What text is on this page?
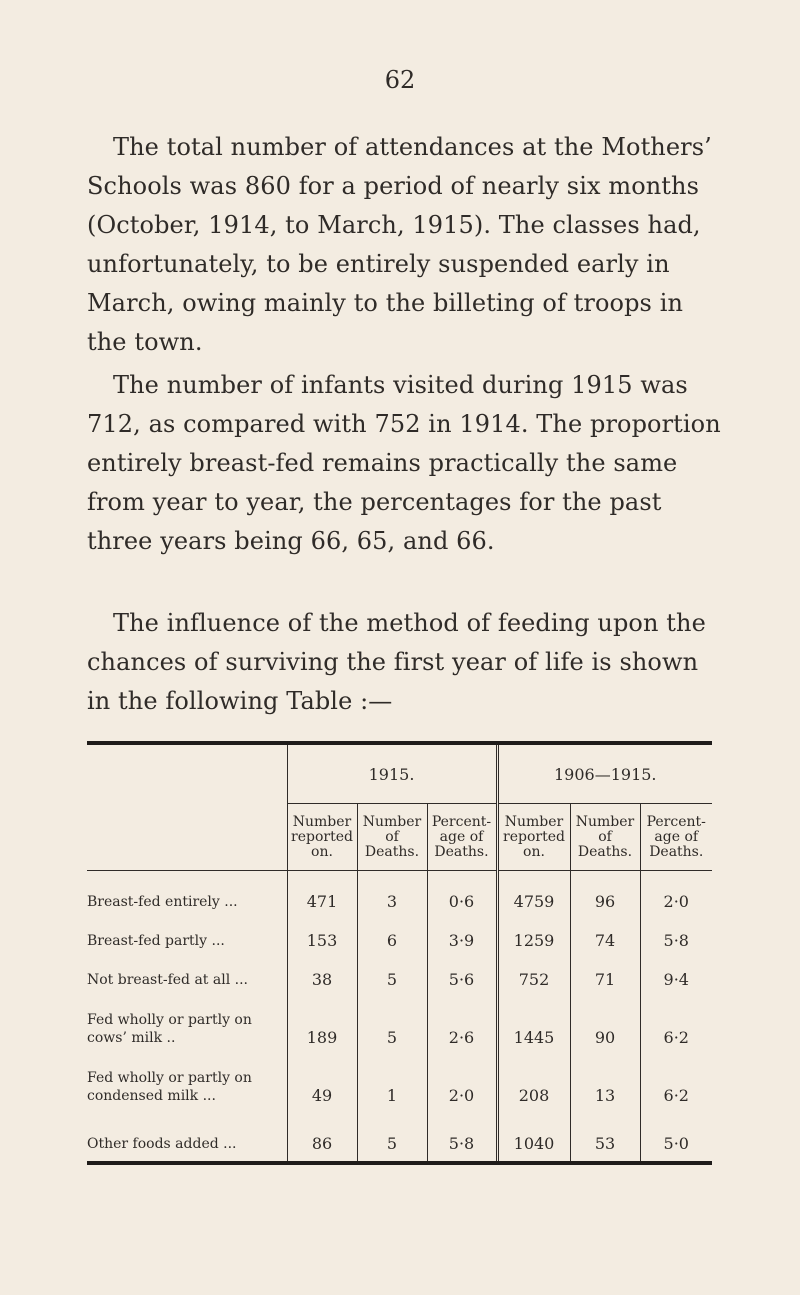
62

The total number of attendances at the Mothers’ Schools was 860 for a period of nearly six months (October, 1914, to March, 1915). The classes had, unfortunately, to be entirely suspended early in March, owing mainly to the billeting of troops in the town.

The number of infants visited during 1915 was 712, as compared with 752 in 1914. The proportion entirely breast-fed remains practically the same from year to year, the percentages for the past three years being 66, 65, and 66.

The influence of the method of feeding upon the chances of surviving the first year of life is shown in the following Table :—

	1915.			1906—1915.		
	Number reported on.	Number of Deaths.	Percent-age of Deaths.	Number reported on.	Number of Deaths.	Percent-age of Deaths.
Breast-fed entirely ...	471	3	0·6	4759	96	2·0
Breast-fed partly ...	153	6	3·9	1259	74	5·8
Not breast-fed at all ...	38	5	5·6	752	71	9·4
Fed wholly or partly on cows’ milk ..	189	5	2·6	1445	90	6·2
Fed wholly or partly on condensed milk ...	49	1	2·0	208	13	6·2
Other foods added ...	86	5	5·8	1040	53	5·0
